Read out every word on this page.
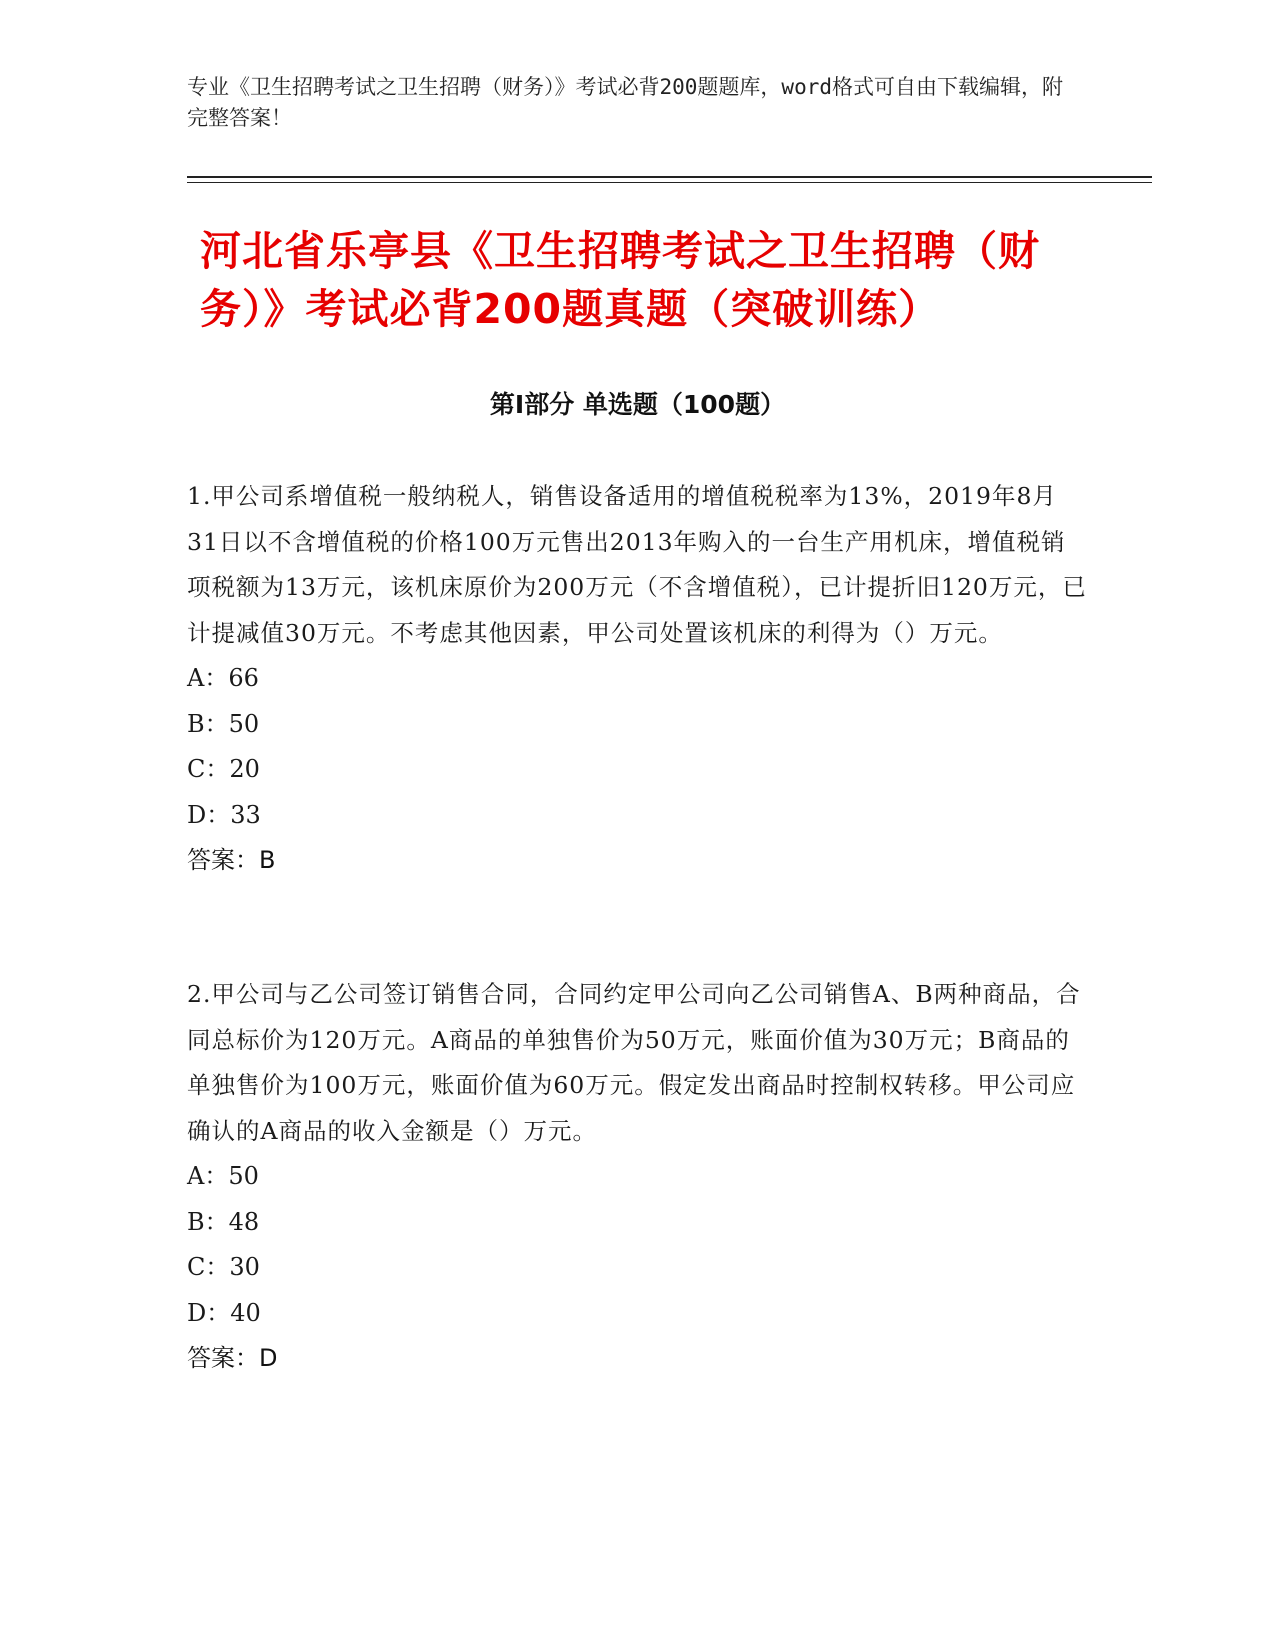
专业《卫生招聘考试之卫生招聘（财务）》考试必背200题题库，word格式可自由下载编辑，附完整答案！

河北省乐亭县《卫生招聘考试之卫生招聘（财务）》考试必背200题真题（突破训练）
第I部分 单选题（100题）

1.甲公司系增值税一般纳税人，销售设备适用的增值税税率为13%，2019年8月31日以不含增值税的价格100万元售出2013年购入的一台生产用机床，增值税销项税额为13万元，该机床原价为200万元（不含增值税），已计提折旧120万元，已计提减值30万元。不考虑其他因素，甲公司处置该机床的利得为（）万元。

A：66

B：50

C：20

D：33

答案：B

2.甲公司与乙公司签订销售合同，合同约定甲公司向乙公司销售A、B两种商品，合同总标价为120万元。A商品的单独售价为50万元，账面价值为30万元；B商品的单独售价为100万元，账面价值为60万元。假定发出商品时控制权转移。甲公司应确认的A商品的收入金额是（）万元。

A：50

B：48

C：30

D：40

答案：D
